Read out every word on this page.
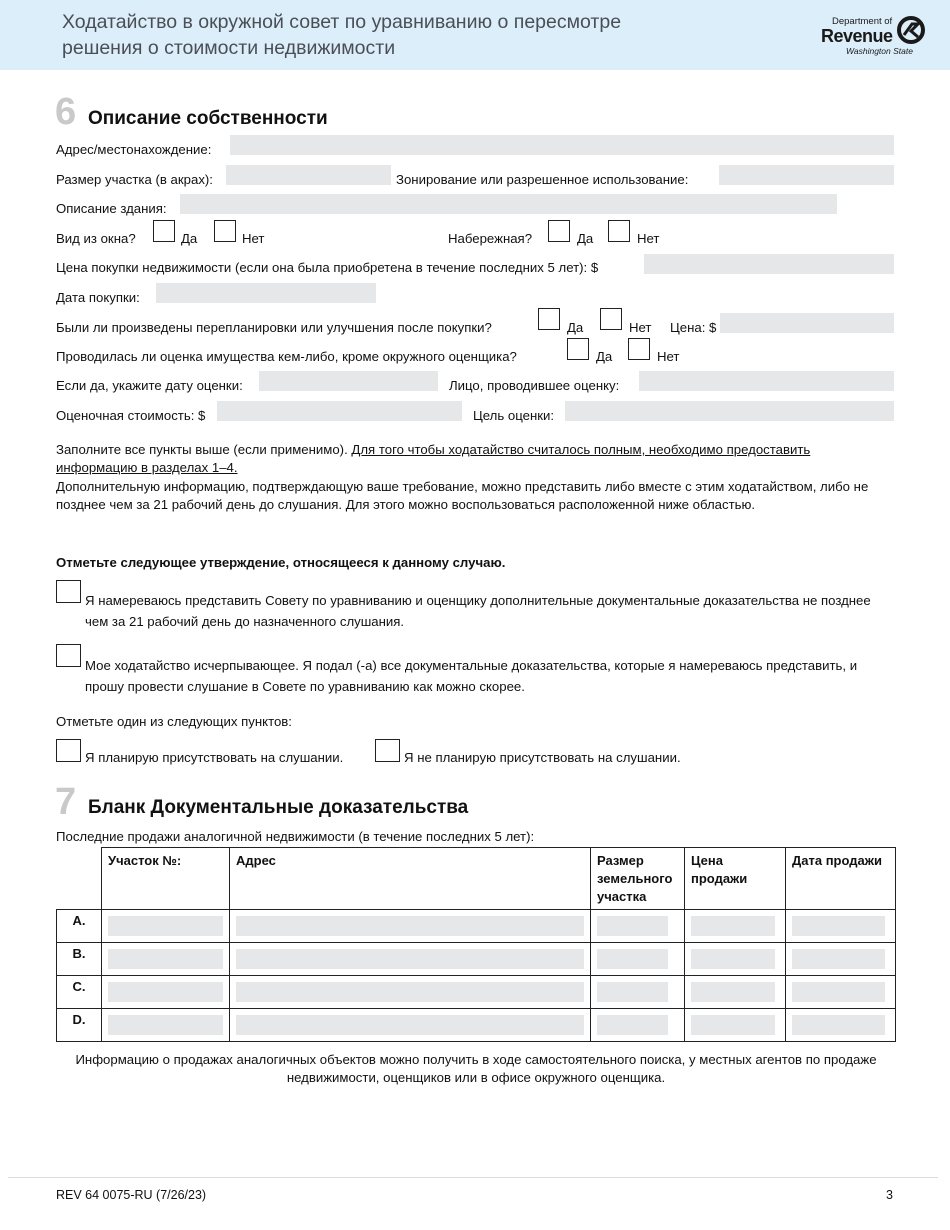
Ходатайство в окружной совет по уравниванию о пересмотре решения о стоимости недвижимости
Department of
Revenue
Washington State
6 Описание собственности
Адрес/местонахождение:
Размер участка (в акрах):	Зонирование или разрешенное использование:
Описание здания:
Вид из окна?	Да	Нет	Набережная?	Да	Нет
Цена покупки недвижимости (если она была приобретена в течение последних 5 лет): $
Дата покупки:
Были ли произведены перепланировки или улучшения после покупки?	Да	Нет Цена: $
Проводилась ли оценка имущества кем-либо, кроме окружного оценщика?	Да	Нет
Если да, укажите дату оценки:	Лицо, проводившее оценку:
Оценочная стоимость: $	Цель оценки:
Заполните все пункты выше (если применимо). Для того чтобы ходатайство считалось полным, необходимо предоставить информацию в разделах 1–4.
Дополнительную информацию, подтверждающую ваше требование, можно представить либо вместе с этим ходатайством, либо не позднее чем за 21 рабочий день до слушания. Для этого можно воспользоваться расположенной ниже областью.
Отметьте следующее утверждение, относящееся к данному случаю.
Я намереваюсь представить Совету по уравниванию и оценщику дополнительные документальные доказательства не позднее чем за 21 рабочий день до назначенного слушания.
Мое ходатайство исчерпывающее. Я подал (-а) все документальные доказательства, которые я намереваюсь представить, и прошу провести слушание в Совете по уравниванию как можно скорее.
Отметьте один из следующих пунктов:
Я планирую присутствовать на слушании.	Я не планирую присутствовать на слушании.
7 Бланк Документальные доказательства
Последние продажи аналогичной недвижимости (в течение последних 5 лет):
	Участок №:	Адрес	Размер земельного участка	Цена продажи	Дата продажи
A.	

B.	

C.	

D.	

Информацию о продажах аналогичных объектов можно получить в ходе самостоятельного поиска, у местных агентов по продаже недвижимости, оценщиков или в офисе окружного оценщика.
REV 64 0075-RU (7/26/23)	3
